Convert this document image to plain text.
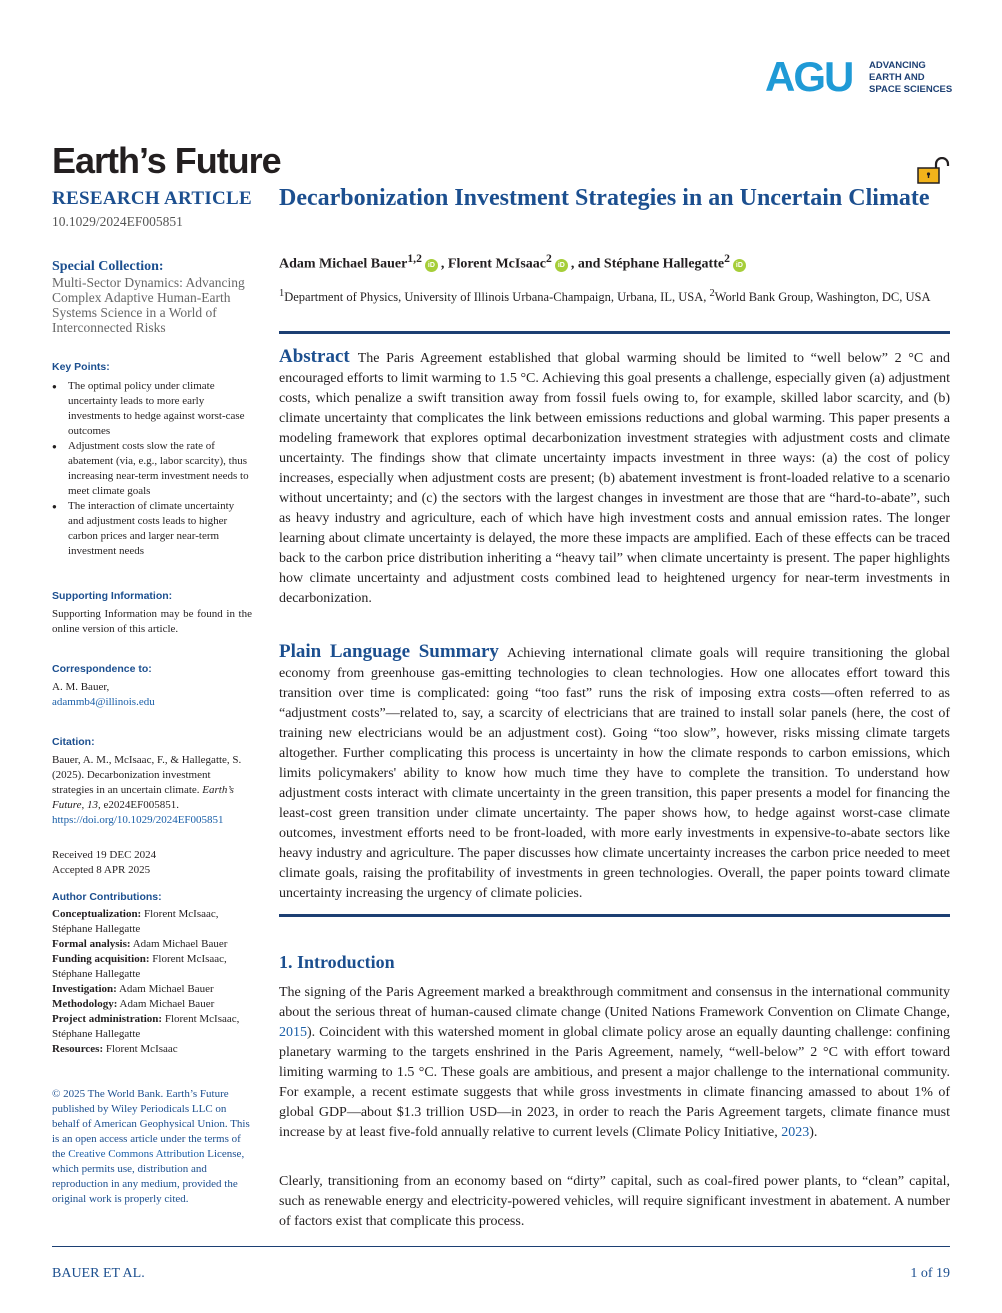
AGU ADVANCING
EARTH AND
SPACE SCIENCES
Earth’s Future
RESEARCH ARTICLE
10.1029/2024EF005851
Special Collection:
Multi-Sector Dynamics: Advancing Complex Adaptive Human-Earth Systems Science in a World of Interconnected Risks
Key Points:
● The optimal policy under climate uncertainty leads to more early investments to hedge against worst-case outcomes
● Adjustment costs slow the rate of abatement (via, e.g., labor scarcity), thus increasing near-term investment needs to meet climate goals
● The interaction of climate uncertainty and adjustment costs leads to higher carbon prices and larger near-term investment needs
Supporting Information:
Supporting Information may be found in the online version of this article.
Correspondence to:
A. M. Bauer,
adammb4@illinois.edu
Citation:
Bauer, A. M., McIsaac, F., & Hallegatte, S. (2025). Decarbonization investment strategies in an uncertain climate. Earth’s Future, 13, e2024EF005851. https://doi.org/10.1029/2024EF005851
Received 19 DEC 2024
Accepted 8 APR 2025
Author Contributions:
Conceptualization: Florent McIsaac, Stéphane Hallegatte
Formal analysis: Adam Michael Bauer
Funding acquisition: Florent McIsaac, Stéphane Hallegatte
Investigation: Adam Michael Bauer
Methodology: Adam Michael Bauer
Project administration: Florent McIsaac, Stéphane Hallegatte
Resources: Florent McIsaac
© 2025 The World Bank. Earth’s Future published by Wiley Periodicals LLC on behalf of American Geophysical Union. This is an open access article under the terms of the Creative Commons Attribution License, which permits use, distribution and reproduction in any medium, provided the original work is properly cited.
Decarbonization Investment Strategies in an Uncertain Climate
Adam Michael Bauer$^{1,2}$iD , Florent McIsaac$^2$iD , and Stéphane Hallegatte$^2$iD
$^1$Department of Physics, University of Illinois Urbana-Champaign, Urbana, IL, USA, $^2$World Bank Group, Washington, DC, USA
Abstract The Paris Agreement established that global warming should be limited to “well below” 2 °C and encouraged efforts to limit warming to 1.5 °C. Achieving this goal presents a challenge, especially given (a) adjustment costs, which penalize a swift transition away from fossil fuels owing to, for example, skilled labor scarcity, and (b) climate uncertainty that complicates the link between emissions reductions and global warming. This paper presents a modeling framework that explores optimal decarbonization investment strategies with adjustment costs and climate uncertainty. The findings show that climate uncertainty impacts investment in three ways: (a) the cost of policy increases, especially when adjustment costs are present; (b) abatement investment is front-loaded relative to a scenario without uncertainty; and (c) the sectors with the largest changes in investment are those that are “hard-to-abate”, such as heavy industry and agriculture, each of which have high investment costs and annual emission rates. The longer learning about climate uncertainty is delayed, the more these impacts are amplified. Each of these effects can be traced back to the carbon price distribution inheriting a “heavy tail” when climate uncertainty is present. The paper highlights how climate uncertainty and adjustment costs combined lead to heightened urgency for near-term investments in decarbonization.
Plain Language Summary Achieving international climate goals will require transitioning the global economy from greenhouse gas-emitting technologies to clean technologies. How one allocates effort toward this transition over time is complicated: going “too fast” runs the risk of imposing extra costs—often referred to as “adjustment costs”—related to, say, a scarcity of electricians that are trained to install solar panels (here, the cost of training new electricians would be an adjustment cost). Going “too slow”, however, risks missing climate targets altogether. Further complicating this process is uncertainty in how the climate responds to carbon emissions, which limits policymakers' ability to know how much time they have to complete the transition. To understand how adjustment costs interact with climate uncertainty in the green transition, this paper presents a model for financing the least-cost green transition under climate uncertainty. The paper shows how, to hedge against worst-case climate outcomes, investment efforts need to be front-loaded, with more early investments in expensive-to-abate sectors like heavy industry and agriculture. The paper discusses how climate uncertainty increases the carbon price needed to meet climate goals, raising the profitability of investments in green technologies. Overall, the paper points toward climate uncertainty increasing the urgency of climate policies.
1. Introduction
The signing of the Paris Agreement marked a breakthrough commitment and consensus in the international community about the serious threat of human-caused climate change (United Nations Framework Convention on Climate Change, 2015). Coincident with this watershed moment in global climate policy arose an equally daunting challenge: confining planetary warming to the targets enshrined in the Paris Agreement, namely, “well-below” 2 °C with effort toward limiting warming to 1.5 °C. These goals are ambitious, and present a major challenge to the international community. For example, a recent estimate suggests that while gross investments in climate financing amassed to about 1% of global GDP—about $1.3 trillion USD—in 2023, in order to reach the Paris Agreement targets, climate finance must increase by at least five-fold annually relative to current levels (Climate Policy Initiative, 2023).
Clearly, transitioning from an economy based on “dirty” capital, such as coal-fired power plants, to “clean” capital, such as renewable energy and electricity-powered vehicles, will require significant investment in abatement. A number of factors exist that complicate this process.
BAUER ET AL.	1 of 19
